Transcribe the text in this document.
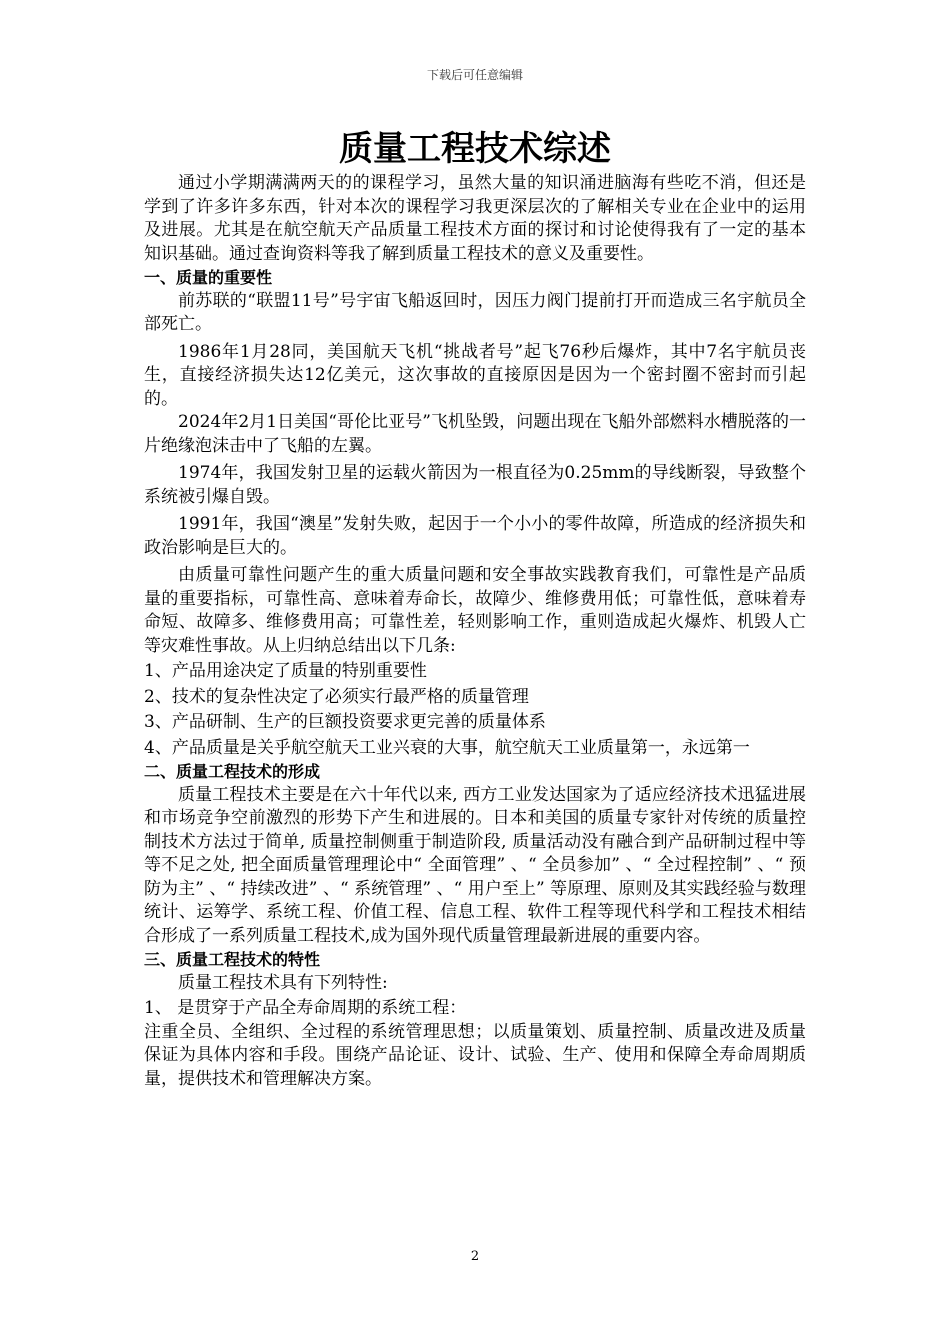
下载后可任意编辑
质量工程技术综述

通过小学期满满两天的的课程学习，虽然大量的知识涌进脑海有些吃不消，但还是学到了许多许多东西，针对本次的课程学习我更深层次的了解相关专业在企业中的运用及进展。尤其是在航空航天产品质量工程技术方面的探讨和讨论使得我有了一定的基本知识基础。通过查询资料等我了解到质量工程技术的意义及重要性。

一、质量的重要性

前苏联的“联盟11号”号宇宙飞船返回时，因压力阀门提前打开而造成三名宇航员全部死亡。

1986年1月28同，美国航天飞机“挑战者号”起飞76秒后爆炸，其中7名宇航员丧生，直接经济损失达12亿美元，这次事故的直接原因是因为一个密封圈不密封而引起的。

2024年2月1日美国“哥伦比亚号”飞机坠毁，问题出现在飞船外部燃料水槽脱落的一片绝缘泡沫击中了飞船的左翼。

1974年，我国发射卫星的运载火箭因为一根直径为0.25mm的导线断裂，导致整个系统被引爆自毁。

1991年，我国“澳星”发射失败，起因于一个小小的零件故障，所造成的经济损失和政治影响是巨大的。

由质量可靠性问题产生的重大质量问题和安全事故实践教育我们，可靠性是产品质量的重要指标，可靠性高、意味着寿命长，故障少、维修费用低；可靠性低，意味着寿命短、故障多、维修费用高；可靠性差，轻则影响工作，重则造成起火爆炸、机毁人亡等灾难性事故。从上归纳总结出以下几条:

1、产品用途决定了质量的特别重要性

2、技术的复杂性决定了必须实行最严格的质量管理

3、产品研制、生产的巨额投资要求更完善的质量体系

4、产品质量是关乎航空航天工业兴衰的大事，航空航天工业质量第一，永远第一

二、质量工程技术的形成

质量工程技术主要是在六十年代以来, 西方工业发达国家为了适应经济技术迅猛进展和市场竞争空前激烈的形势下产生和进展的。日本和美国的质量专家针对传统的质量控制技术方法过于简单, 质量控制侧重于制造阶段, 质量活动没有融合到产品研制过程中等等不足之处, 把全面质量管理理论中“ 全面管理” 、“ 全员参加” 、“ 全过程控制” 、“ 预防为主” 、“ 持续改进” 、“ 系统管理” 、“ 用户至上” 等原理、原则及其实践经验与数理统计、运筹学、系统工程、价值工程、信息工程、软件工程等现代科学和工程技术相结合形成了一系列质量工程技术,成为国外现代质量管理最新进展的重要内容。

三、质量工程技术的特性

质量工程技术具有下列特性:

1、 是贯穿于产品全寿命周期的系统工程：

注重全员、全组织、全过程的系统管理思想；以质量策划、质量控制、质量改进及质量保证为具体内容和手段。围绕产品论证、设计、试验、生产、使用和保障全寿命周期质量，提供技术和管理解决方案。

2
